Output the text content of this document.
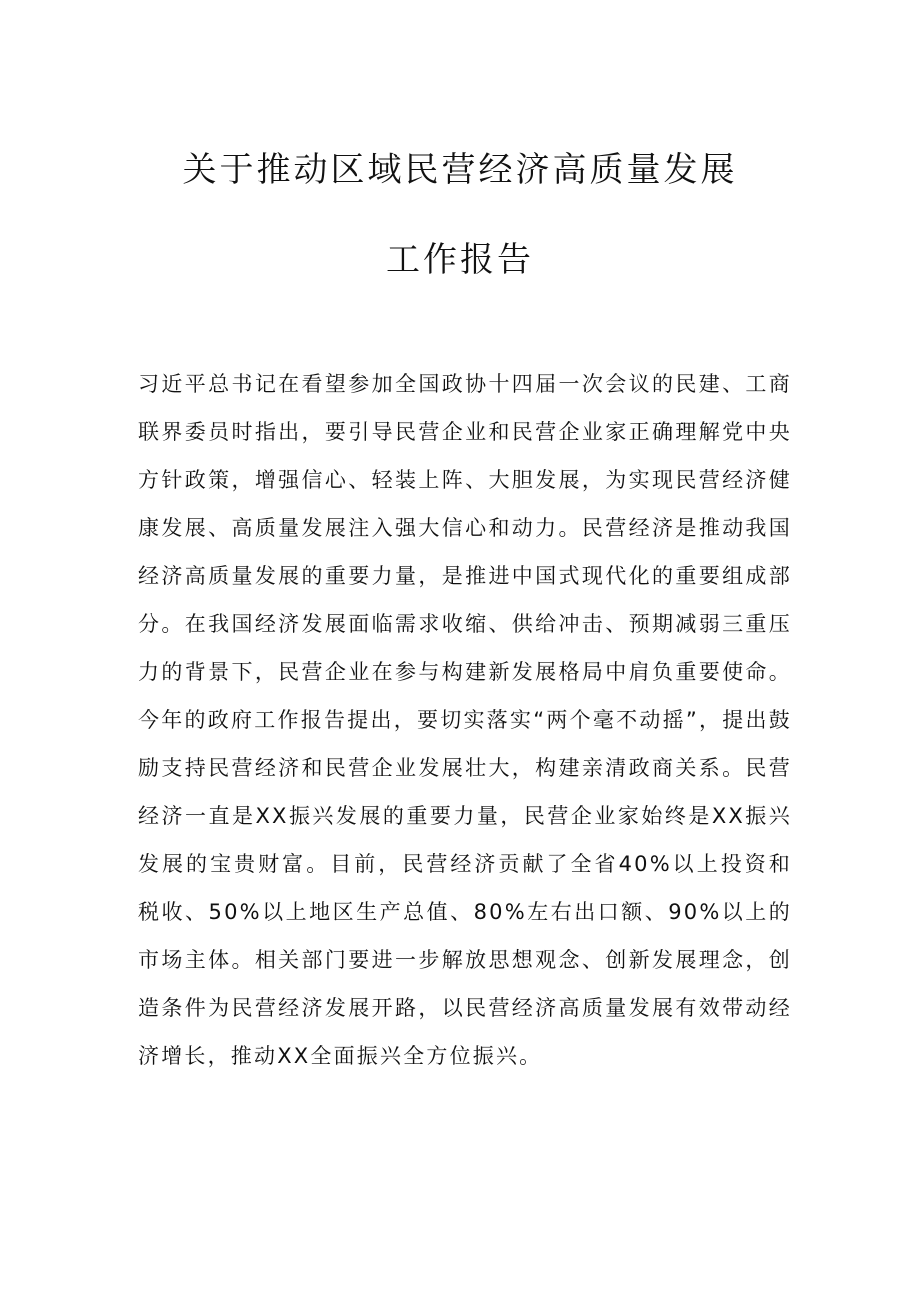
关于推动区域民营经济高质量发展
工作报告

习近平总书记在看望参加全国政协十四届一次会议的民建、工商联界委员时指出，要引导民营企业和民营企业家正确理解党中央方针政策，增强信心、轻装上阵、大胆发展，为实现民营经济健康发展、高质量发展注入强大信心和动力。民营经济是推动我国经济高质量发展的重要力量，是推进中国式现代化的重要组成部分。在我国经济发展面临需求收缩、供给冲击、预期减弱三重压力的背景下，民营企业在参与构建新发展格局中肩负重要使命。今年的政府工作报告提出，要切实落实“两个毫不动摇”，提出鼓励支持民营经济和民营企业发展壮大，构建亲清政商关系。民营经济一直是XX振兴发展的重要力量，民营企业家始终是XX振兴发展的宝贵财富。目前，民营经济贡献了全省40%以上投资和税收、50%以上地区生产总值、80%左右出口额、90%以上的市场主体。相关部门要进一步解放思想观念、创新发展理念，创造条件为民营经济发展开路，以民营经济高质量发展有效带动经济增长，推动XX全面振兴全方位振兴。
